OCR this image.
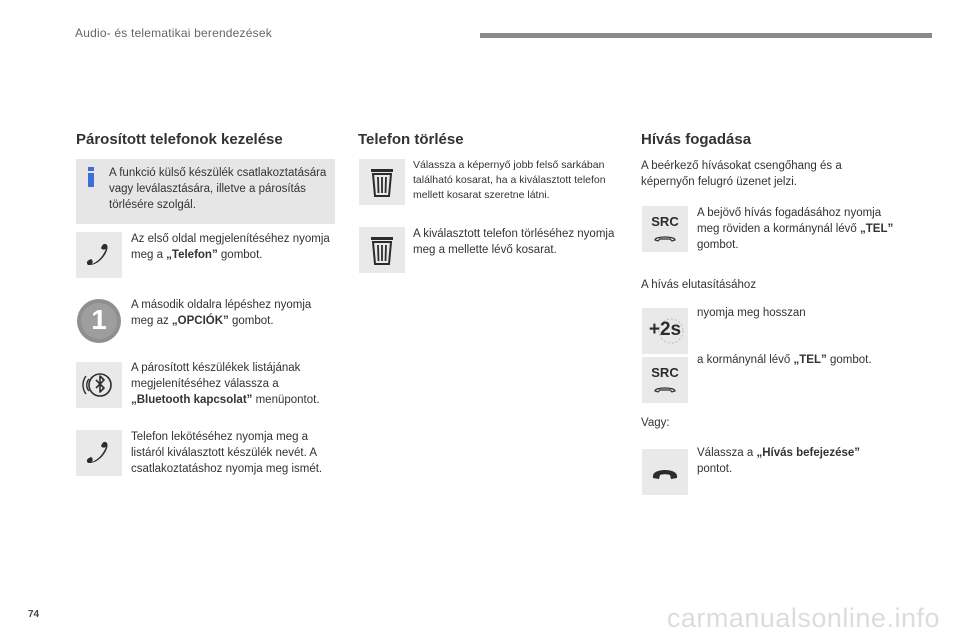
Audio- és telematikai berendezések
Párosított telefonok kezelése
A funkció külső készülék csatlakoztatására vagy leválasztására, illetve a párosítás törlésére szolgál.
Az első oldal megjelenítéséhez nyomja meg a „Telefon” gombot.
1	A második oldalra lépéshez nyomja meg az „OPCIÓK” gombot.
A párosított készülékek listájának megjelenítéséhez válassza a „Bluetooth kapcsolat” menüpontot.
Telefon lekötéséhez nyomja meg a listáról kiválasztott készülék nevét. A csatlakoztatáshoz nyomja meg ismét.
Telefon törlése
Válassza a képernyő jobb felső sarkában található kosarat, ha a kiválasztott telefon mellett kosarat szeretne látni.
A kiválasztott telefon törléséhez nyomja meg a mellette lévő kosarat.
Hívás fogadása
A beérkező hívásokat csengőhang és a képernyőn felugró üzenet jelzi.
SRC
A bejövő hívás fogadásához nyomja meg röviden a kormánynál lévő „TEL” gombot.
A hívás elutasításához
+2s
nyomja meg hosszan
SRC
a kormánynál lévő „TEL” gombot.
Vagy:
Válassza a „Hívás befejezése”
pontot.
74	carmanualsonline.info
